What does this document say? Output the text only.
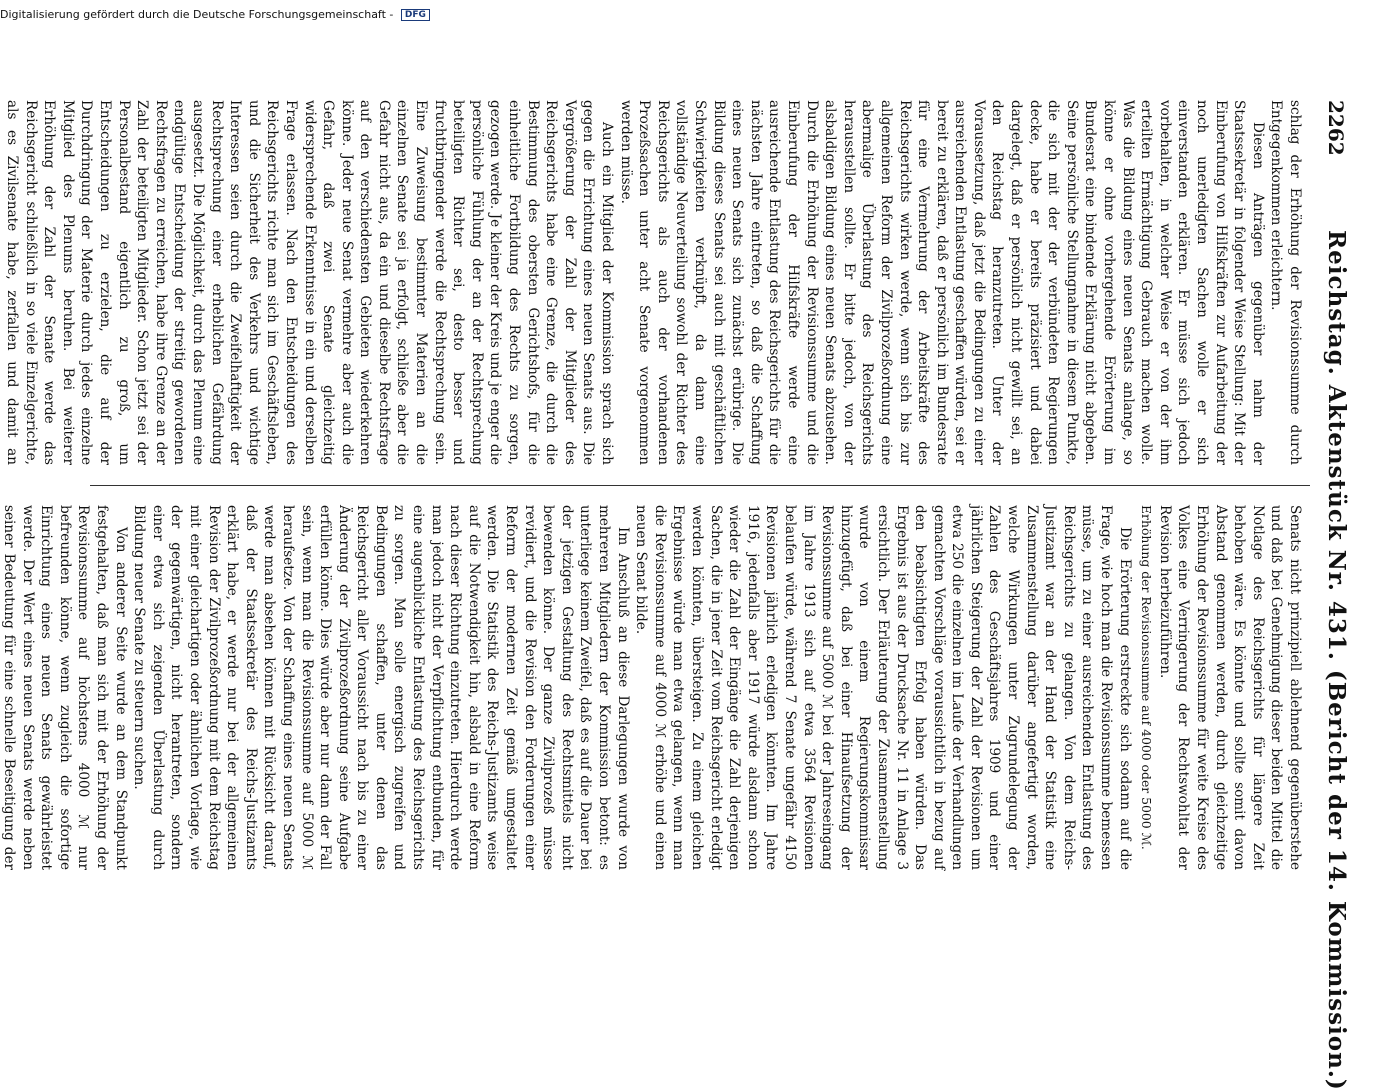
Digitalisierung gefördert durch die Deutsche Forschungsgemeinschaft - DFG
2262
Reichstag. Aktenstück Nr. 431. (Bericht der 14. Kommission.)

schlag der Erhöhung der Revisionssumme durch Entgegenkommen erleichtern.

Diesen Anträgen gegenüber nahm der Staatssekretär in folgender Weise Stellung: Mit der Einberufung von Hilfskräften zur Aufarbeitung der noch unerledigten Sachen wolle er sich einverstanden erklären. Er müsse sich jedoch vorbehalten, in welcher Weise er von der ihm erteilten Ermächtigung Gebrauch machen wolle. Was die Bildung eines neuen Senats anlange, so könne er ohne vorhergehende Erörterung im Bundesrat eine bindende Erklärung nicht abgeben. Seine persönliche Stellungnahme in diesem Punkte, die sich mit der der verbündeten Regierungen decke, habe er bereits präzisiert und dabei dargelegt, daß er persönlich nicht gewillt sei, an den Reichstag heranzutreten. Unter der Voraussetzung, daß jetzt die Bedingungen zu einer ausreichenden Entlastung geschaffen würden, sei er bereit zu erklären, daß er persönlich im Bundesrate für eine Vermehrung der Arbeitskräfte des Reichsgerichts wirken werde, wenn sich bis zur allgemeinen Reform der Zivilprozeßordnung eine abermalige Überlastung des Reichsgerichts herausstellen sollte. Er bitte jedoch, von der alsbaldigen Bildung eines neuen Senats abzusehen. Durch die Erhöhung der Revisionssumme und die Einberufung der Hilfskräfte werde eine ausreichende Entlastung des Reichsgerichts für die nächsten Jahre eintreten, so daß die Schaffung eines neuen Senats sich zunächst erübrige. Die Bildung dieses Senats sei auch mit geschäftlichen Schwierigkeiten verknüpft, da dann eine vollständige Neuverteilung sowohl der Richter des Reichsgerichts als auch der vorhandenen Prozeßsachen unter acht Senate vorgenommen werden müsse.

Auch ein Mitglied der Kommission sprach sich gegen die Errichtung eines neuen Senats aus. Die Vergrößerung der Zahl der Mitglieder des Reichsgerichts habe eine Grenze, die durch die Bestimmung des obersten Gerichtshofs, für die einheitliche Fortbildung des Rechts zu sorgen, gezogen werde. Je kleiner der Kreis und je enger die persönliche Fühlung der an der Rechtsprechung beteiligten Richter sei, desto besser und fruchtbringender werde die Rechtsprechung sein. Eine Zuweisung bestimmter Materien an die einzelnen Senate sei ja erfolgt, schließe aber die Gefahr nicht aus, da ein und dieselbe Rechtsfrage auf den verschiedensten Gebieten wiederkehren könne. Jeder neue Senat vermehre aber auch die Gefahr, daß zwei Senate gleichzeitig widersprechende Erkenntnisse in ein und derselben Frage erlassen. Nach den Entscheidungen des Reichsgerichts richte man sich im Geschäftsleben, und die Sicherheit des Verkehrs und wichtige Interessen seien durch die Zweifelhaftigkeit der Rechtsprechung einer erheblichen Gefährdung ausgesetzt. Die Möglichkeit, durch das Plenum eine endgültige Entscheidung der streitig gewordenen Rechtsfragen zu erreichen, habe ihre Grenze an der Zahl der beteiligten Mitglieder. Schon jetzt sei der Personalbestand eigentlich zu groß, um Entscheidungen zu erzielen, die auf der Durchdringung der Materie durch jedes einzelne Mitglied des Plenums beruhen. Bei weiterer Erhöhung der Zahl der Senate werde das Reichsgericht schließlich in so viele Einzelgerichte, als es Zivilsenate habe, zerfallen und damit an

Senats nicht prinzipiell ablehnend gegenüberstehe und daß bei Genehmigung dieser beiden Mittel die Notlage des Reichsgerichts für längere Zeit behoben wäre. Es könnte und sollte somit davon Abstand genommen werden, durch gleichzeitige Erhöhung der Revisionssumme für weite Kreise des Volkes eine Verringerung der Rechtswohltat der Revision herbeizuführen.

Erhöhung der Revisionssumme auf 4000 oder 5000 ℳ.

Die Erörterung erstreckte sich sodann auf die Frage, wie hoch man die Revisionssumme bemessen müsse, um zu einer ausreichenden Entlastung des Reichsgerichts zu gelangen. Von dem Reichs-Justizamt war an der Hand der Statistik eine Zusammenstellung darüber angefertigt worden, welche Wirkungen unter Zugrundelegung der Zahlen des Geschäftsjahres 1909 und einer jährlichen Steigerung der Zahl der Revisionen um etwa 250 die einzelnen im Laufe der Verhandlungen gemachten Vorschläge voraussichtlich in bezug auf den beabsichtigten Erfolg haben würden. Das Ergebnis ist aus der Drucksache Nr. 11 in Anlage 3 ersichtlich. Der Erläuterung der Zusammenstellung wurde von einem Regierungskommissar hinzugefügt, daß bei einer Hinaufsetzung der Revisionssumme auf 5000 ℳ bei der Jahreseingang im Jahre 1913 sich auf etwa 3564 Revisionen belaufen würde, während 7 Senate ungefähr 4150 Revisionen jährlich erledigen könnten. Im Jahre 1916, jedenfalls aber 1917 würde alsdann schon wieder die Zahl der Eingänge die Zahl derjenigen Sachen, die in jener Zeit vom Reichsgericht erledigt werden könnten, übersteigen. Zu einem gleichen Ergebnisse würde man etwa gelangen, wenn man die Revisionssumme auf 4000 ℳ erhöhe und einen neuen Senat bilde.

Im Anschluß an diese Darlegungen wurde von mehreren Mitgliedern der Kommission betont: es unterliege keinem Zweifel, daß es auf die Dauer bei der jetzigen Gestaltung des Rechtsmittels nicht bewenden könne. Der ganze Zivilprozeß müsse revidiert, und die Revision den Forderungen einer Reform der modernen Zeit gemäß umgestaltet werden. Die Statistik des Reichs-Justizamts weise auf die Notwendigkeit hin, alsbald in eine Reform nach dieser Richtung einzutreten. Hierdurch werde man jedoch nicht der Verpflichtung entbunden, für eine augenblickliche Entlastung des Reichsgerichts zu sorgen. Man solle energisch zugreifen und Bedingungen schaffen, unter denen das Reichsgericht aller Voraussicht nach bis zu einer Änderung der Zivilprozeßordnung seine Aufgabe erfüllen könne. Dies würde aber nur dann der Fall sein, wenn man die Revisionssumme auf 5000 ℳ heraufsetze. Von der Schaffung eines neuen Senats werde man absehen können mit Rücksicht darauf, daß der Staatssekretär des Reichs-Justizamts erklärt habe, er werde nur bei der allgemeinen Revision der Zivilprozeßordnung mit dem Reichstag mit einer gleichartigen oder ähnlichen Vorlage, wie der gegenwärtigen, nicht herantreten, sondern einer etwa sich zeigenden Überlastung durch Bildung neuer Senate zu steuern suchen.

Von anderer Seite wurde an dem Standpunkt festgehalten, daß man sich mit der Erhöhung der Revisionssumme auf höchstens 4000 ℳ nur befreunden könne, wenn zugleich die sofortige Einrichtung eines neuen Senats gewährleistet werde. Der Wert eines neuen Senats werde neben seiner Bedeutung für eine schnelle Beseitigung der
